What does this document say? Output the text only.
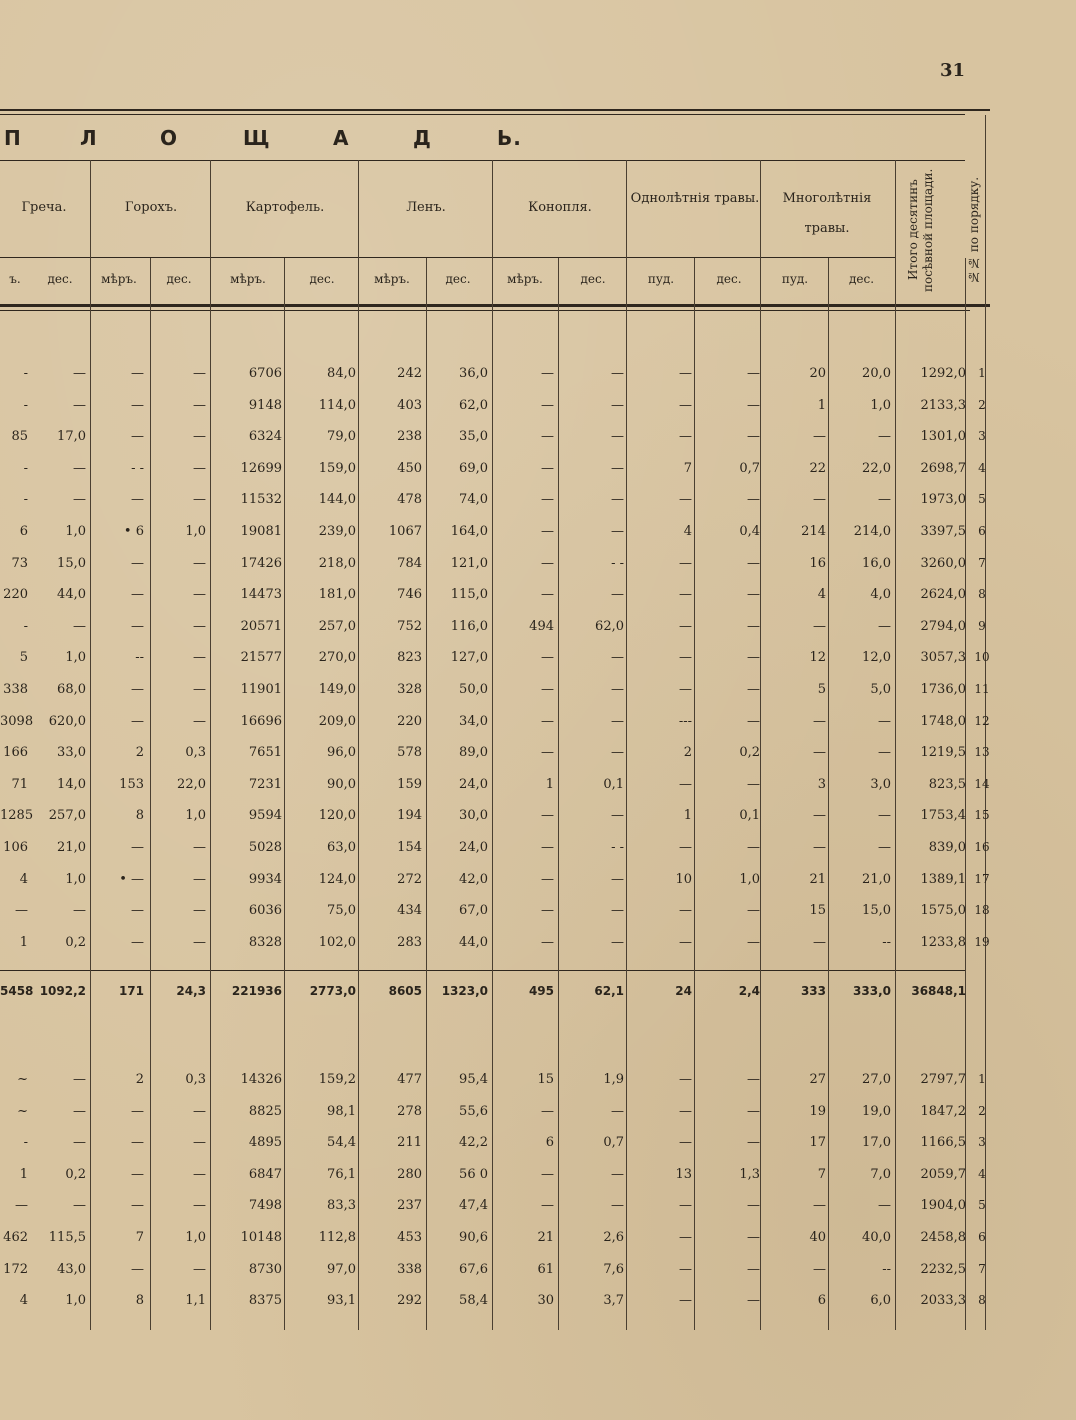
31
П	Л	О	Щ	А	Д	Ь.
Греча.	Горохъ.	Картофель.	Ленъ.	Конопля.
Однолѣтнія травы.	Многолѣтнія травы.	Итого десятинъ посѣвной площади.	№№ по порядку.
ъ.	дес.	мѣръ.	дес.	мѣръ.	дес.	мѣръ.	дес.	мѣръ.	дес.	пуд.	дес.	пуд.	дес.
-	—	—	—	6706	84,0	242	36,0	—	—	—	—	20	20,0	1292,0	1
-	—	—	—	9148	114,0	403	62,0	—	—	—	—	1	1,0	2133,3	2
85	17,0	—	—	6324	79,0	238	35,0	—	—	—	—	—	—	1301,0	3
-	—	- -	—	12699	159,0	450	69,0	—	—	7	0,7	22	22,0	2698,7	4
-	—	—	—	11532	144,0	478	74,0	—	—	—	—	—	—	1973,0	5
6	1,0	• 6	1,0	19081	239,0	1067	164,0	—	—	4	0,4	214	214,0	3397,5	6
73	15,0	—	—	17426	218,0	784	121,0	—	- -	—	—	16	16,0	3260,0	7
220	44,0	—	—	14473	181,0	746	115,0	—	—	—	—	4	4,0	2624,0	8
-	—	—	—	20571	257,0	752	116,0	494	62,0	—	—	—	—	2794,0	9
5	1,0	--	—	21577	270,0	823	127,0	—	—	—	—	12	12,0	3057,3 10
338	68,0	—	—	11901	149,0	328	50,0	—	—	—	—	5	5,0	1736,0 11
3098	620,0	—	—	16696	209,0	220	34,0	—	—	---	—	—	—	1748,0 12
166	33,0	2	0,3	7651	96,0	578	89,0	—	—	2	0,2	—	—	1219,5 13
71	14,0	153	22,0	7231	90,0	159	24,0	1	0,1	—	—	3	3,0	823,5 14
1285	257,0	8	1,0	9594	120,0	194	30,0	—	—	1	0,1	—	—	1753,4 15
106	21,0	—	—	5028	63,0	154	24,0	—	- -	—	—	—	—	839,0 16
4	1,0	• —	—	9934	124,0	272	42,0	—	—	10	1,0	21	21,0	1389,1 17
—	—	—	—	6036	75,0	434	67,0	—	—	—	—	15	15,0	1575,0 18
1	0,2	—	—	8328	102,0	283	44,0	—	—	—	—	—	--	1233,8 19
5458 1092,2	171	24,3	221936	2773,0	8605	1323,0	495	62,1	24	2,4	333	333,0	36848,1
~	—	2	0,3	14326	159,2	477	95,4	15	1,9	—	—	27	27,0	2797,7	1
~	—	—	—	8825	98,1	278	55,6	—	—	—	—	19	19,0	1847,2	2
-	—	—	—	4895	54,4	211	42,2	6	0,7	—	—	17	17,0	1166,5	3
1	0,2	—	—	6847	76,1	280	56 0	—	—	13	1,3	7	7,0	2059,7	4
—	—	—	—	7498	83,3	237	47,4	—	—	—	—	—	—	1904,0	5
462	115,5	7	1,0	10148	112,8	453	90,6	21	2,6	—	—	40	40,0	2458,8	6
172	43,0	—	—	8730	97,0	338	67,6	61	7,6	—	—	—	--	2232,5	7
4	1,0	8	1,1	8375	93,1	292	58,4	30	3,7	—	—	6	6,0	2033,3	8
